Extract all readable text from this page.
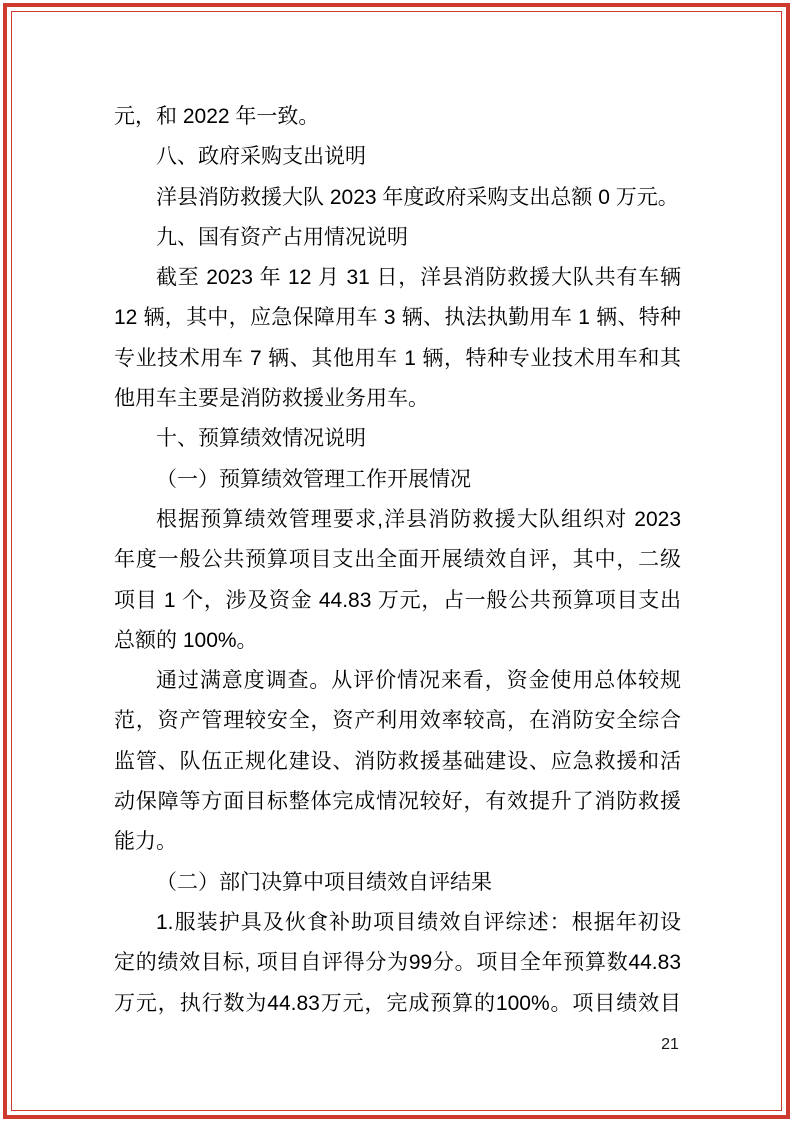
元，和 2022 年一致。
八、政府采购支出说明
洋县消防救援大队 2023 年度政府采购支出总额 0 万元。
九、国有资产占用情况说明
截至 2023 年 12 月 31 日，洋县消防救援大队共有车辆
12 辆，其中，应急保障用车 3 辆、执法执勤用车 1 辆、特种
专业技术用车 7 辆、其他用车 1 辆，特种专业技术用车和其
他用车主要是消防救援业务用车。
十、预算绩效情况说明
（一）预算绩效管理工作开展情况
根据预算绩效管理要求,洋县消防救援大队组织对 2023
年度一般公共预算项目支出全面开展绩效自评，其中，二级
项目 1 个，涉及资金 44.83 万元，占一般公共预算项目支出
总额的 100%。
通过满意度调查。从评价情况来看，资金使用总体较规
范，资产管理较安全，资产利用效率较高，在消防安全综合
监管、队伍正规化建设、消防救援基础建设、应急救援和活
动保障等方面目标整体完成情况较好，有效提升了消防救援
能力。
（二）部门决算中项目绩效自评结果
1.服装护具及伙食补助项目绩效自评综述：根据年初设
定的绩效目标, 项目自评得分为99分。项目全年预算数44.83
万元，执行数为44.83万元，完成预算的100%。项目绩效目
21
